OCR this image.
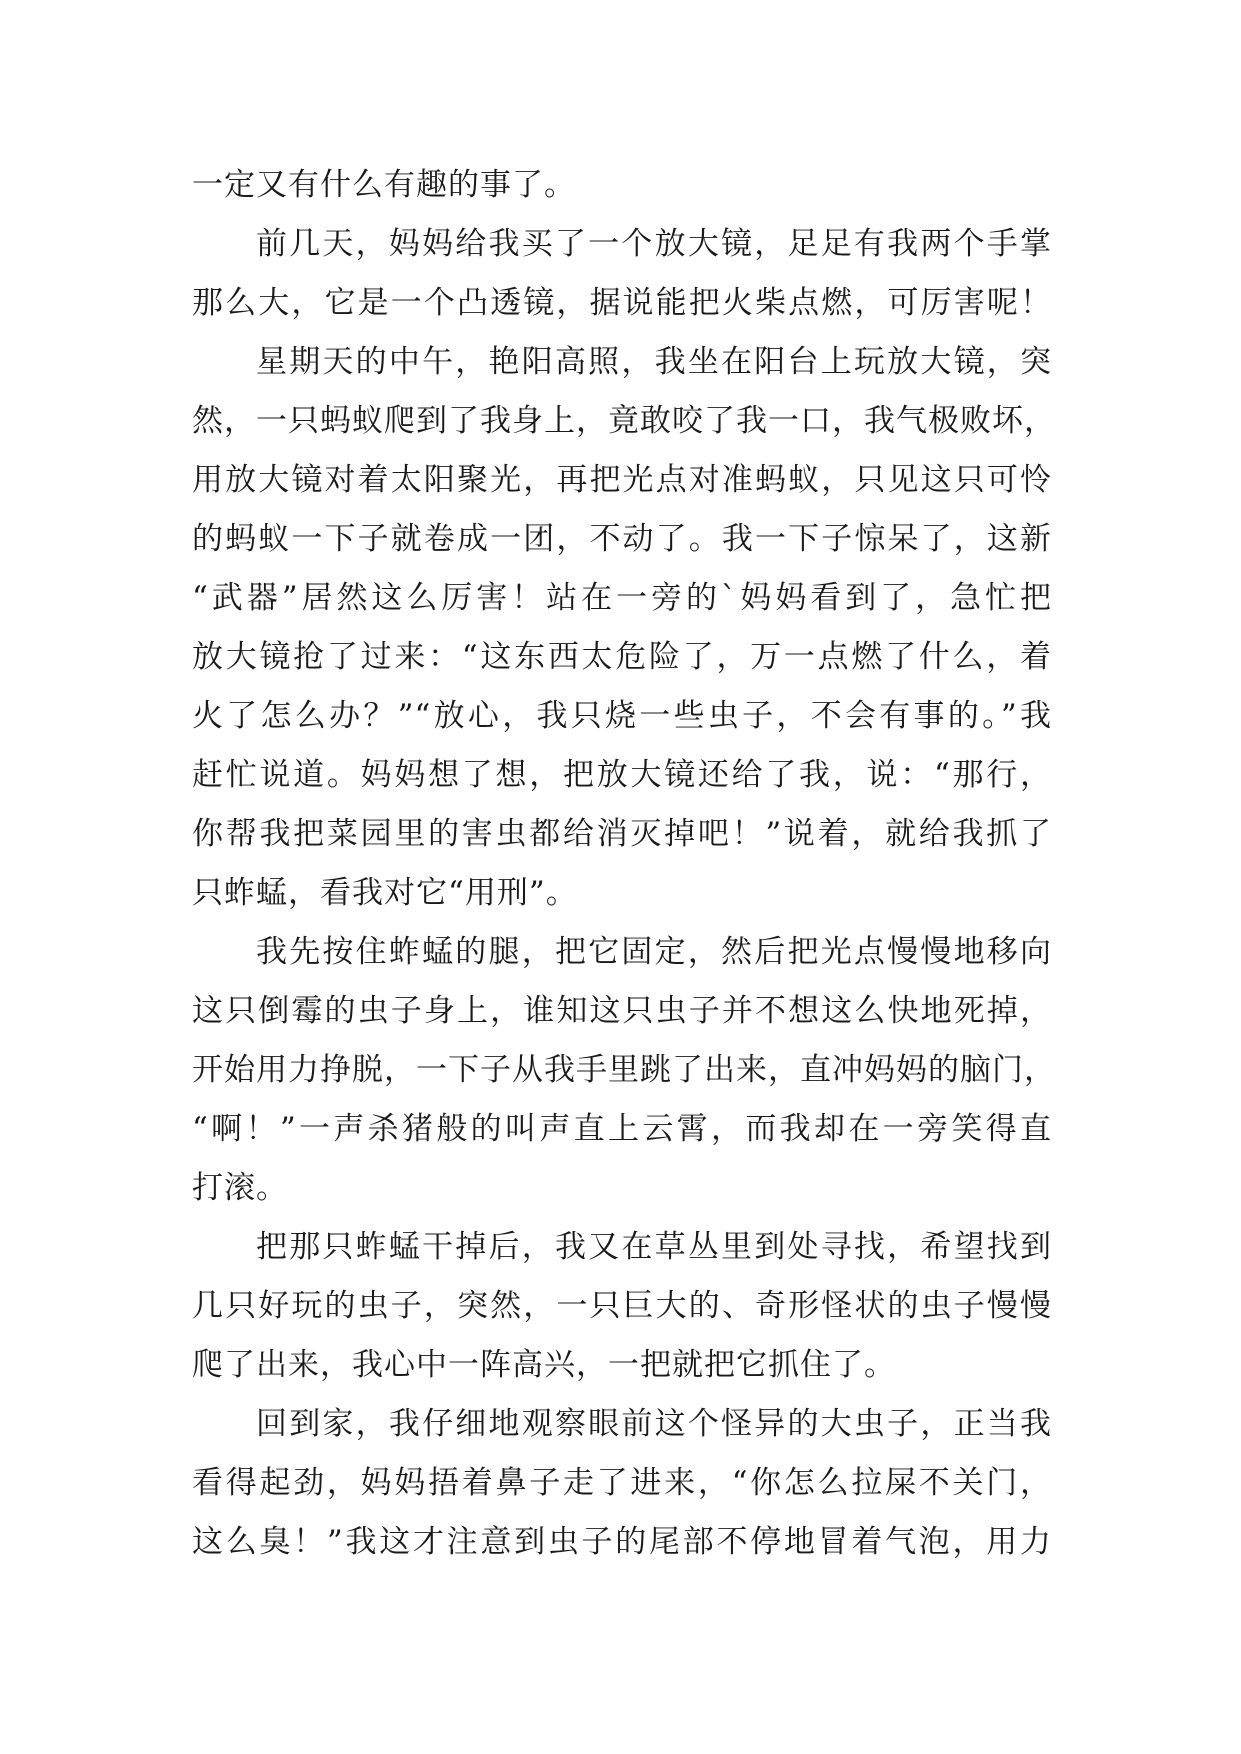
一定又有什么有趣的事了。
前几天，妈妈给我买了一个放大镜，足足有我两个手掌
那么大，它是一个凸透镜，据说能把火柴点燃，可厉害呢！
星期天的中午，艳阳高照，我坐在阳台上玩放大镜，突
然，一只蚂蚁爬到了我身上，竟敢咬了我一口，我气极败坏，
用放大镜对着太阳聚光，再把光点对准蚂蚁，只见这只可怜
的蚂蚁一下子就卷成一团，不动了。我一下子惊呆了，这新
“武器”居然这么厉害！站在一旁的`妈妈看到了，急忙把
放大镜抢了过来：“这东西太危险了，万一点燃了什么，着
火了怎么办？”“放心，我只烧一些虫子，不会有事的。”我
赶忙说道。妈妈想了想，把放大镜还给了我，说：“那行，
你帮我把菜园里的害虫都给消灭掉吧！”说着，就给我抓了
只蚱蜢，看我对它“用刑”。
我先按住蚱蜢的腿，把它固定，然后把光点慢慢地移向
这只倒霉的虫子身上，谁知这只虫子并不想这么快地死掉，
开始用力挣脱，一下子从我手里跳了出来，直冲妈妈的脑门，
“啊！”一声杀猪般的叫声直上云霄，而我却在一旁笑得直
打滚。
把那只蚱蜢干掉后，我又在草丛里到处寻找，希望找到
几只好玩的虫子，突然，一只巨大的、奇形怪状的虫子慢慢
爬了出来，我心中一阵高兴，一把就把它抓住了。
回到家，我仔细地观察眼前这个怪异的大虫子，正当我
看得起劲，妈妈捂着鼻子走了进来，“你怎么拉屎不关门，
这么臭！”我这才注意到虫子的尾部不停地冒着气泡，用力
